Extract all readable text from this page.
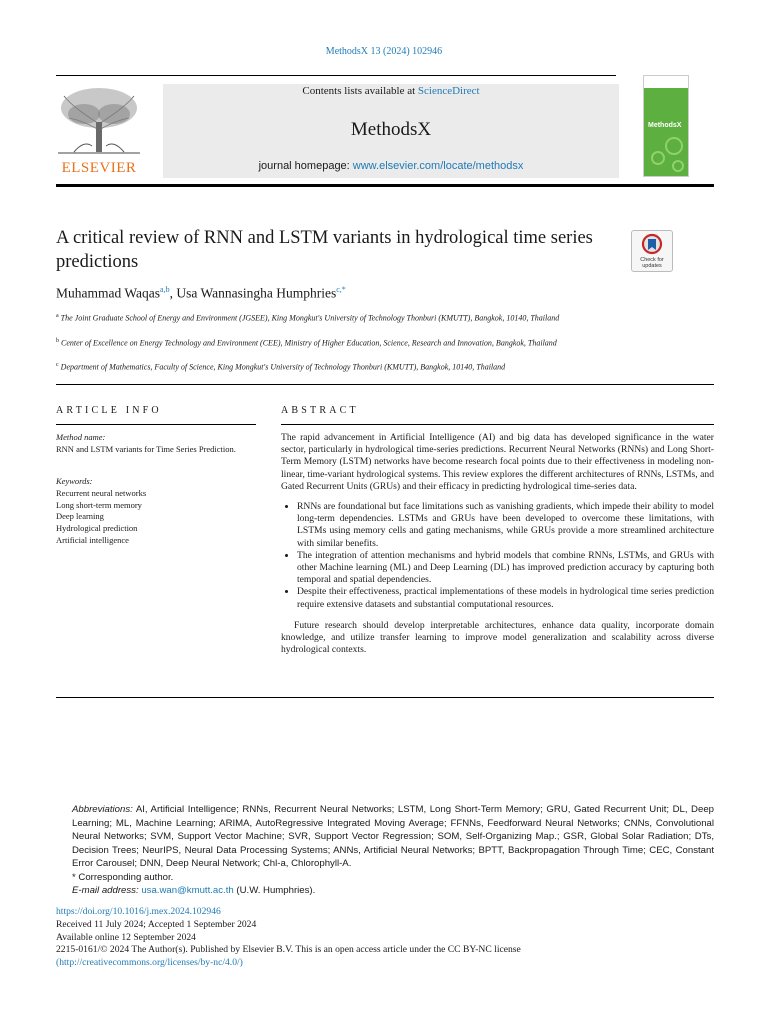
MethodsX 13 (2024) 102946
ELSEVIER
Contents lists available at ScienceDirect
MethodsX
journal homepage: www.elsevier.com/locate/methodsx
MethodsX
A critical review of RNN and LSTM variants in hydrological time series predictions	Check for updates
Muhammad Waqas$^{a,b}$, Usa Wannasingha Humphries$^{c,*}$
$^a$ The Joint Graduate School of Energy and Environment (JGSEE), King Mongkut's University of Technology Thonburi (KMUTT), Bangkok, 10140, Thailand
$^b$ Center of Excellence on Energy Technology and Environment (CEE), Ministry of Higher Education, Science, Research and Innovation, Bangkok, Thailand
$^c$ Department of Mathematics, Faculty of Science, King Mongkut's University of Technology Thonburi (KMUTT), Bangkok, 10140, Thailand
ARTICLE INFO	ABSTRACT
Method name:
RNN and LSTM variants for Time Series Prediction.
Keywords:
Recurrent neural networks
Long short-term memory
Deep learning
Hydrological prediction
Artificial intelligence

The rapid advancement in Artificial Intelligence (AI) and big data has developed significance in the water sector, particularly in hydrological time-series predictions. Recurrent Neural Networks (RNNs) and Long Short-Term Memory (LSTM) networks have become research focal points due to their effectiveness in modeling non-linear, time-variant hydrological systems. This review explores the different architectures of RNNs, LSTMs, and Gated Recurrent Units (GRUs) and their efficacy in predicting hydrological time-series data.

• RNNs are foundational but face limitations such as vanishing gradients, which impede their ability to model long-term dependencies. LSTMs and GRUs have been developed to overcome these limitations, with LSTMs using memory cells and gating mechanisms, while GRUs provide a more streamlined architecture with similar benefits.
• The integration of attention mechanisms and hybrid models that combine RNNs, LSTMs, and GRUs with other Machine learning (ML) and Deep Learning (DL) has improved prediction accuracy by capturing both temporal and spatial dependencies.
• Despite their effectiveness, practical implementations of these models in hydrological time series prediction require extensive datasets and substantial computational resources.

Future research should develop interpretable architectures, enhance data quality, incorporate domain knowledge, and utilize transfer learning to improve model generalization and scalability across diverse hydrological contexts.

Abbreviations: AI, Artificial Intelligence; RNNs, Recurrent Neural Networks; LSTM, Long Short-Term Memory; GRU, Gated Recurrent Unit; DL, Deep Learning; ML, Machine Learning; ARIMA, AutoRegressive Integrated Moving Average; FFNNs, Feedforward Neural Networks; CNNs, Convolutional Neural Networks; SVM, Support Vector Machine; SVR, Support Vector Regression; SOM, Self-Organizing Map.; GSR, Global Solar Radiation; DTs, Decision Trees; NeurIPS, Neural Data Processing Systems; ANNs, Artificial Neural Networks; BPTT, Backpropagation Through Time; CEC, Constant Error Carousel; DNN, Deep Neural Network; Chl-a, Chlorophyll-A.

* Corresponding author.

E-mail address: usa.wan@kmutt.ac.th (U.W. Humphries).

https://doi.org/10.1016/j.mex.2024.102946

Received 11 July 2024; Accepted 1 September 2024

Available online 12 September 2024

2215-0161/© 2024 The Author(s). Published by Elsevier B.V. This is an open access article under the CC BY-NC license

(http://creativecommons.org/licenses/by-nc/4.0/)
